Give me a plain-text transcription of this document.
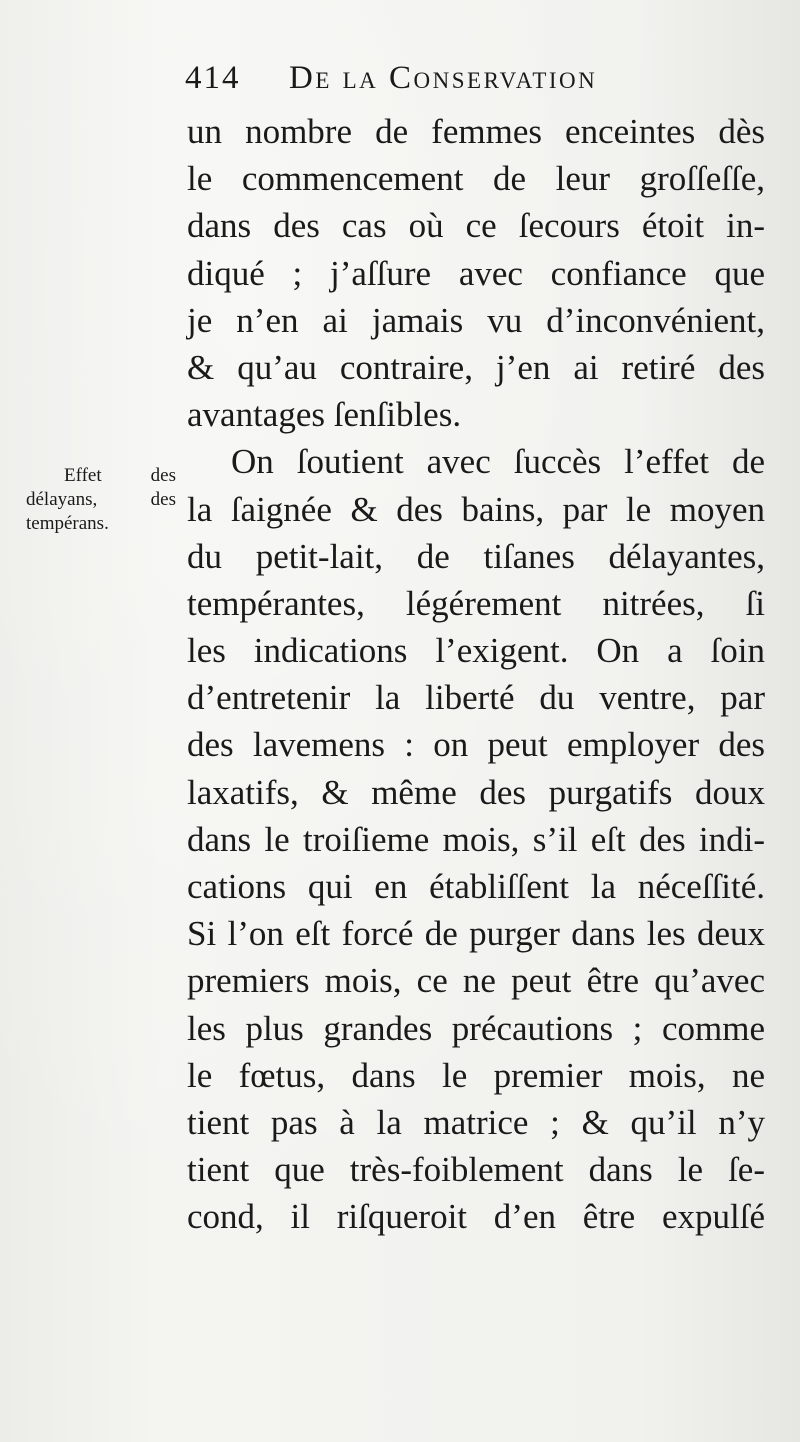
414 De la Conservation
Effet des
délayans, des
tempérans.
un nombre de femmes enceintes dès
le commencement de leur groſſeſſe,
dans des cas où ce ſecours étoit in-
diqué ; j’aſſure avec confiance que
je n’en ai jamais vu d’inconvénient,
& qu’au contraire, j’en ai retiré des
avantages ſenſibles.
On ſoutient avec ſuccès l’effet de
la ſaignée & des bains, par le moyen
du petit-lait, de tiſanes délayantes,
tempérantes, légérement nitrées, ſi
les indications l’exigent. On a ſoin
d’entretenir la liberté du ventre, par
des lavemens : on peut employer des
laxatifs, & même des purgatifs doux
dans le troiſieme mois, s’il eſt des indi-
cations qui en établiſſent la néceſſité.
Si l’on eſt forcé de purger dans les deux
premiers mois, ce ne peut être qu’avec
les plus grandes précautions ; comme
le fœtus, dans le premier mois, ne
tient pas à la matrice ; & qu’il n’y
tient que très-foiblement dans le ſe-
cond, il riſqueroit d’en être expulſé
